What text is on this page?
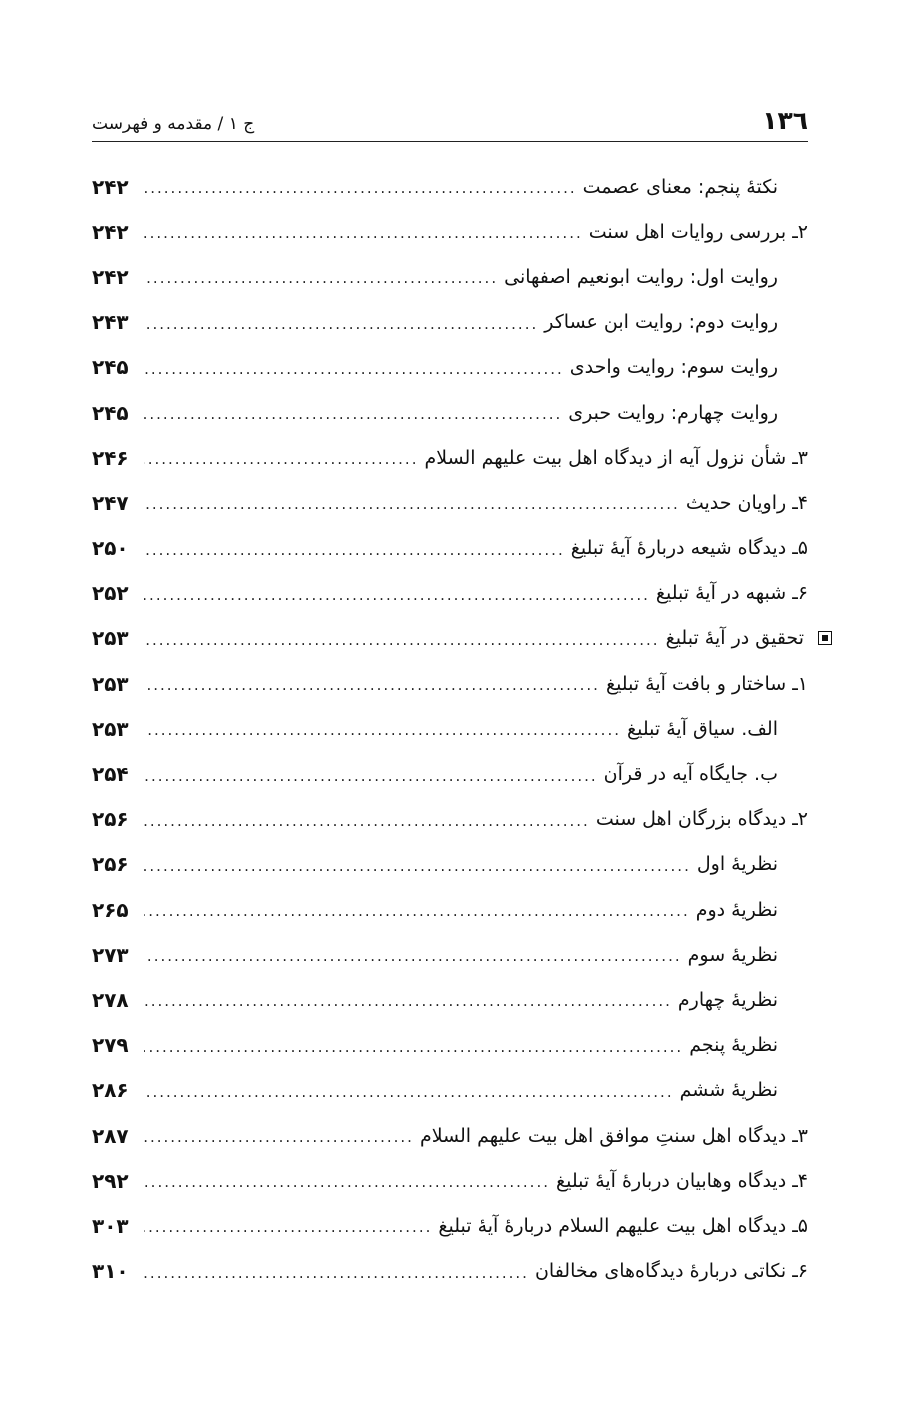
١٣٦
ج ١ / مقدمه و فهرست
نکتۀ پنجم: معنای عصمت
.....
٢۴٢
٢ـ بررسی روایات اهل سنت
.....
٢۴٢
روایت اول: روایت ابونعیم اصفهانی
.....
٢۴٢
روایت دوم: روایت ابن عساکر
.....
٢۴٣
روایت سوم: روایت واحدی
.....
٢۴۵
روایت چهارم: روایت حبری
.....
٢۴۵
٣ـ شأن نزول آیه از دیدگاه اهل بیت علیهم السلام
.....
٢۴۶
۴ـ راویان حدیث
.....
٢۴٧
۵ـ دیدگاه شیعه دربارۀ آیۀ تبلیغ
.....
٢۵٠
۶ـ شبهه در آیۀ تبلیغ
.....
٢۵٢
تحقیق در آیۀ تبلیغ
.....
٢۵٣
١ـ ساختار و بافت آیۀ تبلیغ
.....
٢۵٣
الف. سیاق آیۀ تبلیغ
.....
٢۵٣
ب. جایگاه آیه در قرآن
.....
٢۵۴
٢ـ دیدگاه بزرگان اهل سنت
.....
٢۵۶
نظریۀ اول
.....
٢۵۶
نظریۀ دوم
.....
٢۶۵
نظریۀ سوم
.....
٢٧٣
نظریۀ چهارم
.....
٢٧٨
نظریۀ پنجم
.....
٢٧٩
نظریۀ ششم
.....
٢٨۶
٣ـ دیدگاه اهل سنتِ موافق اهل بیت علیهم السلام
.....
٢٨٧
۴ـ دیدگاه وهابیان دربارۀ آیۀ تبلیغ
.....
٢٩٢
۵ـ دیدگاه اهل بیت علیهم السلام دربارۀ آیۀ تبلیغ
.....
٣٠٣
۶ـ نکاتی دربارۀ دیدگاه‌های مخالفان
.....
٣١٠
